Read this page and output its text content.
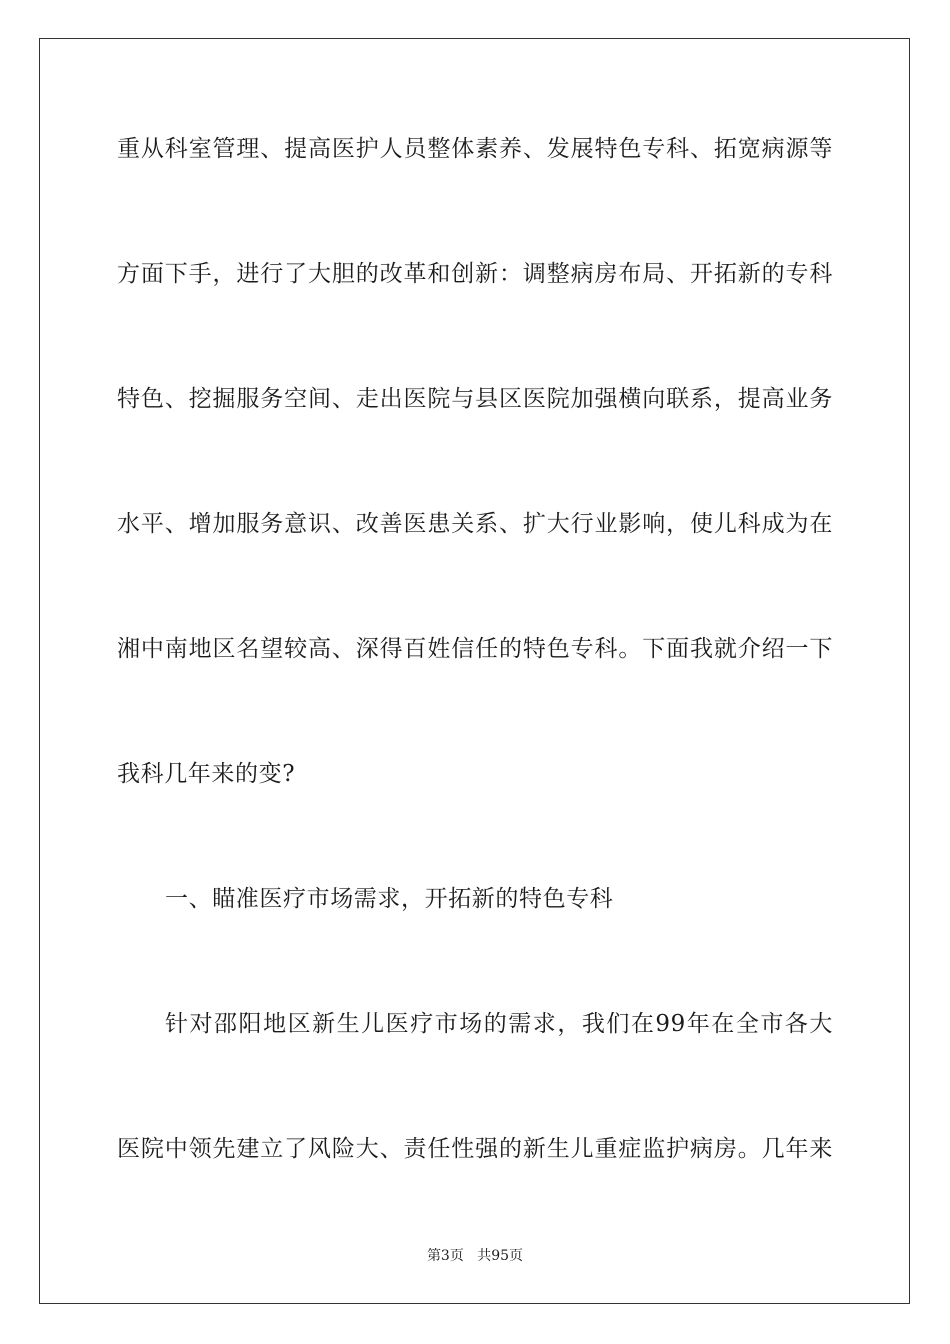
重从科室管理、提高医护人员整体素养、发展特色专科、拓宽病源等
方面下手，进行了大胆的改革和创新：调整病房布局、开拓新的专科
特色、挖掘服务空间、走出医院与县区医院加强横向联系，提高业务
水平、增加服务意识、改善医患关系、扩大行业影响，使儿科成为在
湘中南地区名望较高、深得百姓信任的特色专科。下面我就介绍一下
我科几年来的变?
一、瞄准医疗市场需求，开拓新的特色专科
针对邵阳地区新生儿医疗市场的需求，我们在99年在全市各大
医院中领先建立了风险大、责任性强的新生儿重症监护病房。几年来
第3页 共95页
